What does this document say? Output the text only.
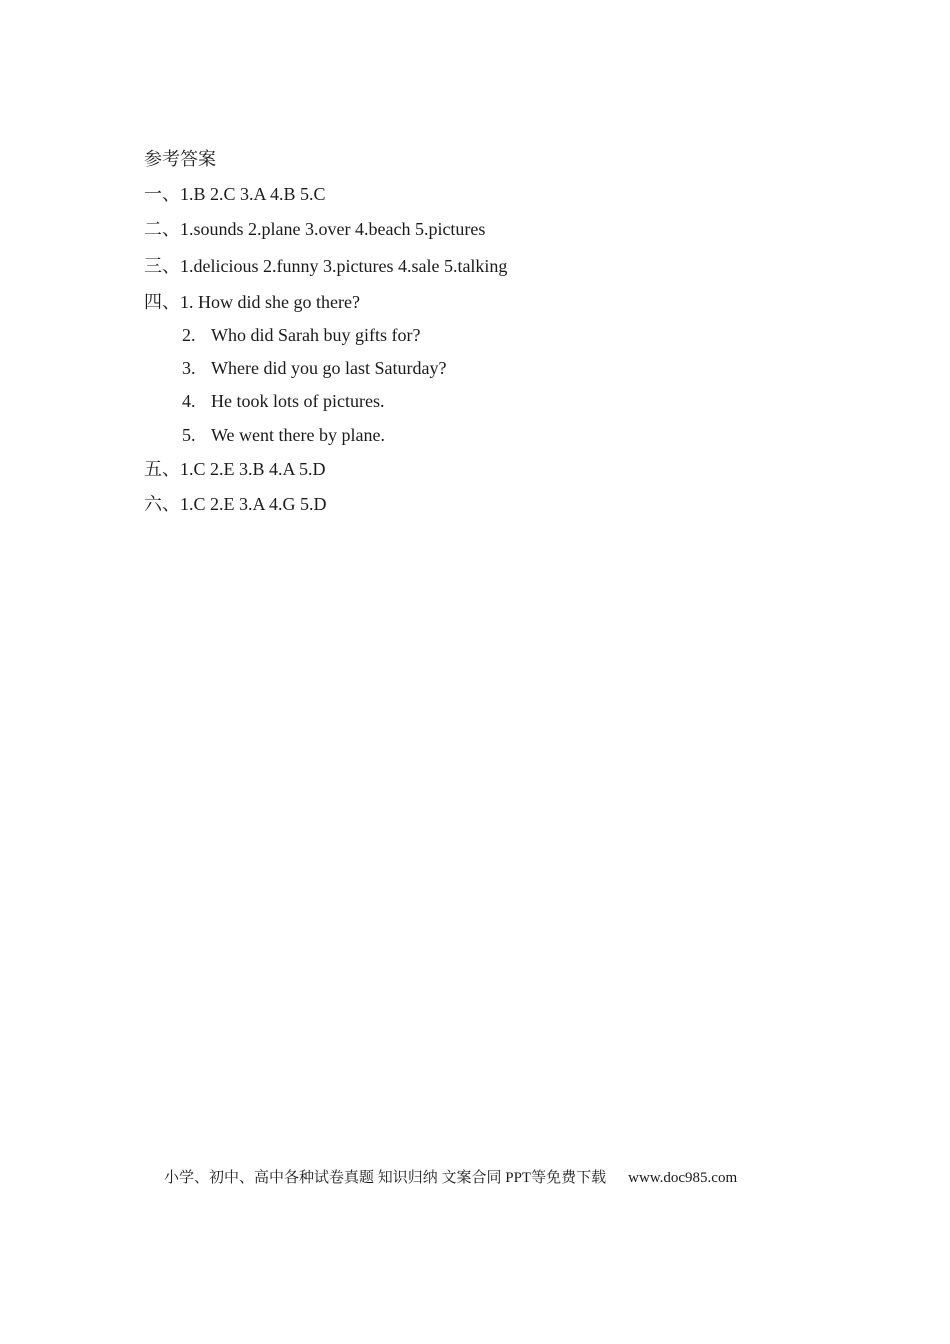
参考答案
一、1.B 2.C 3.A 4.B 5.C
二、1.sounds 2.plane 3.over 4.beach 5.pictures
三、1.delicious 2.funny 3.pictures 4.sale 5.talking
四、1. How did she go there?
2. Who did Sarah buy gifts for?
3. Where did you go last Saturday?
4. He took lots of pictures.
5. We went there by plane.
五、1.C 2.E 3.B 4.A 5.D
六、1.C 2.E 3.A 4.G 5.D
小学、初中、高中各种试卷真题 知识归纳 文案合同 PPT等免费下载 www.doc985.com
